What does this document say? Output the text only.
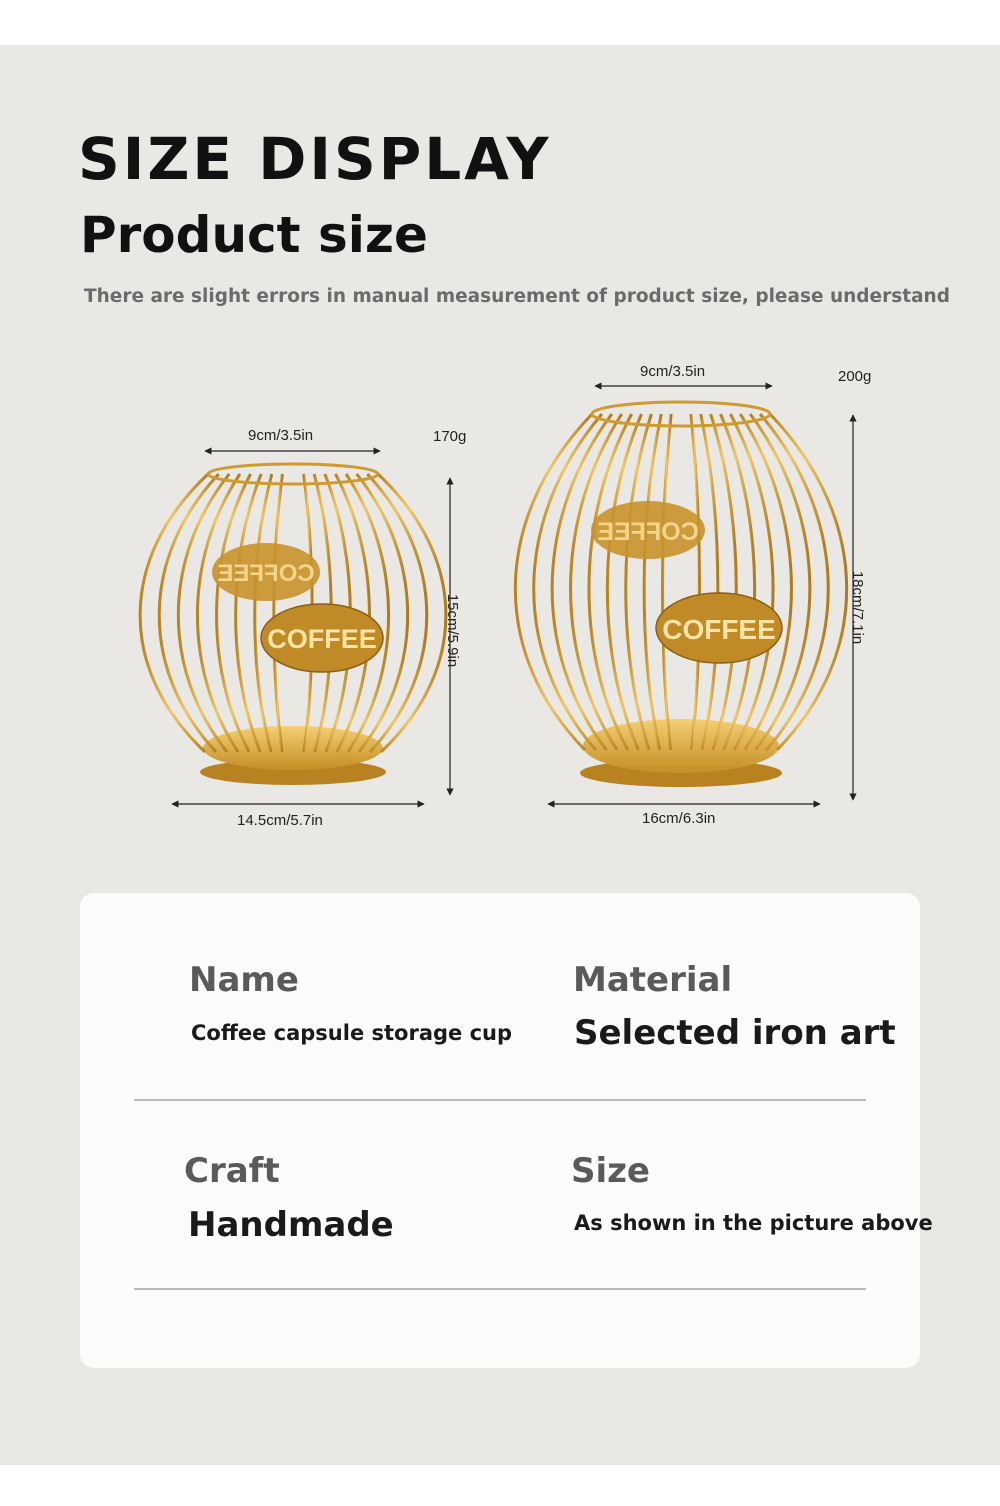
SIZE DISPLAY
Product size
There are slight errors in manual measurement of product size, please understand
COFFEE
COFFEE
COFFEE
COFFEE
9cm/3.5in	170g
15cm/5.9in
14.5cm/5.7in
9cm/3.5in	200g
18cm/7.1in
16cm/6.3in
Name
Coffee capsule storage cup
Material
Selected iron art
Craft
Handmade
Size
As shown in the picture above
